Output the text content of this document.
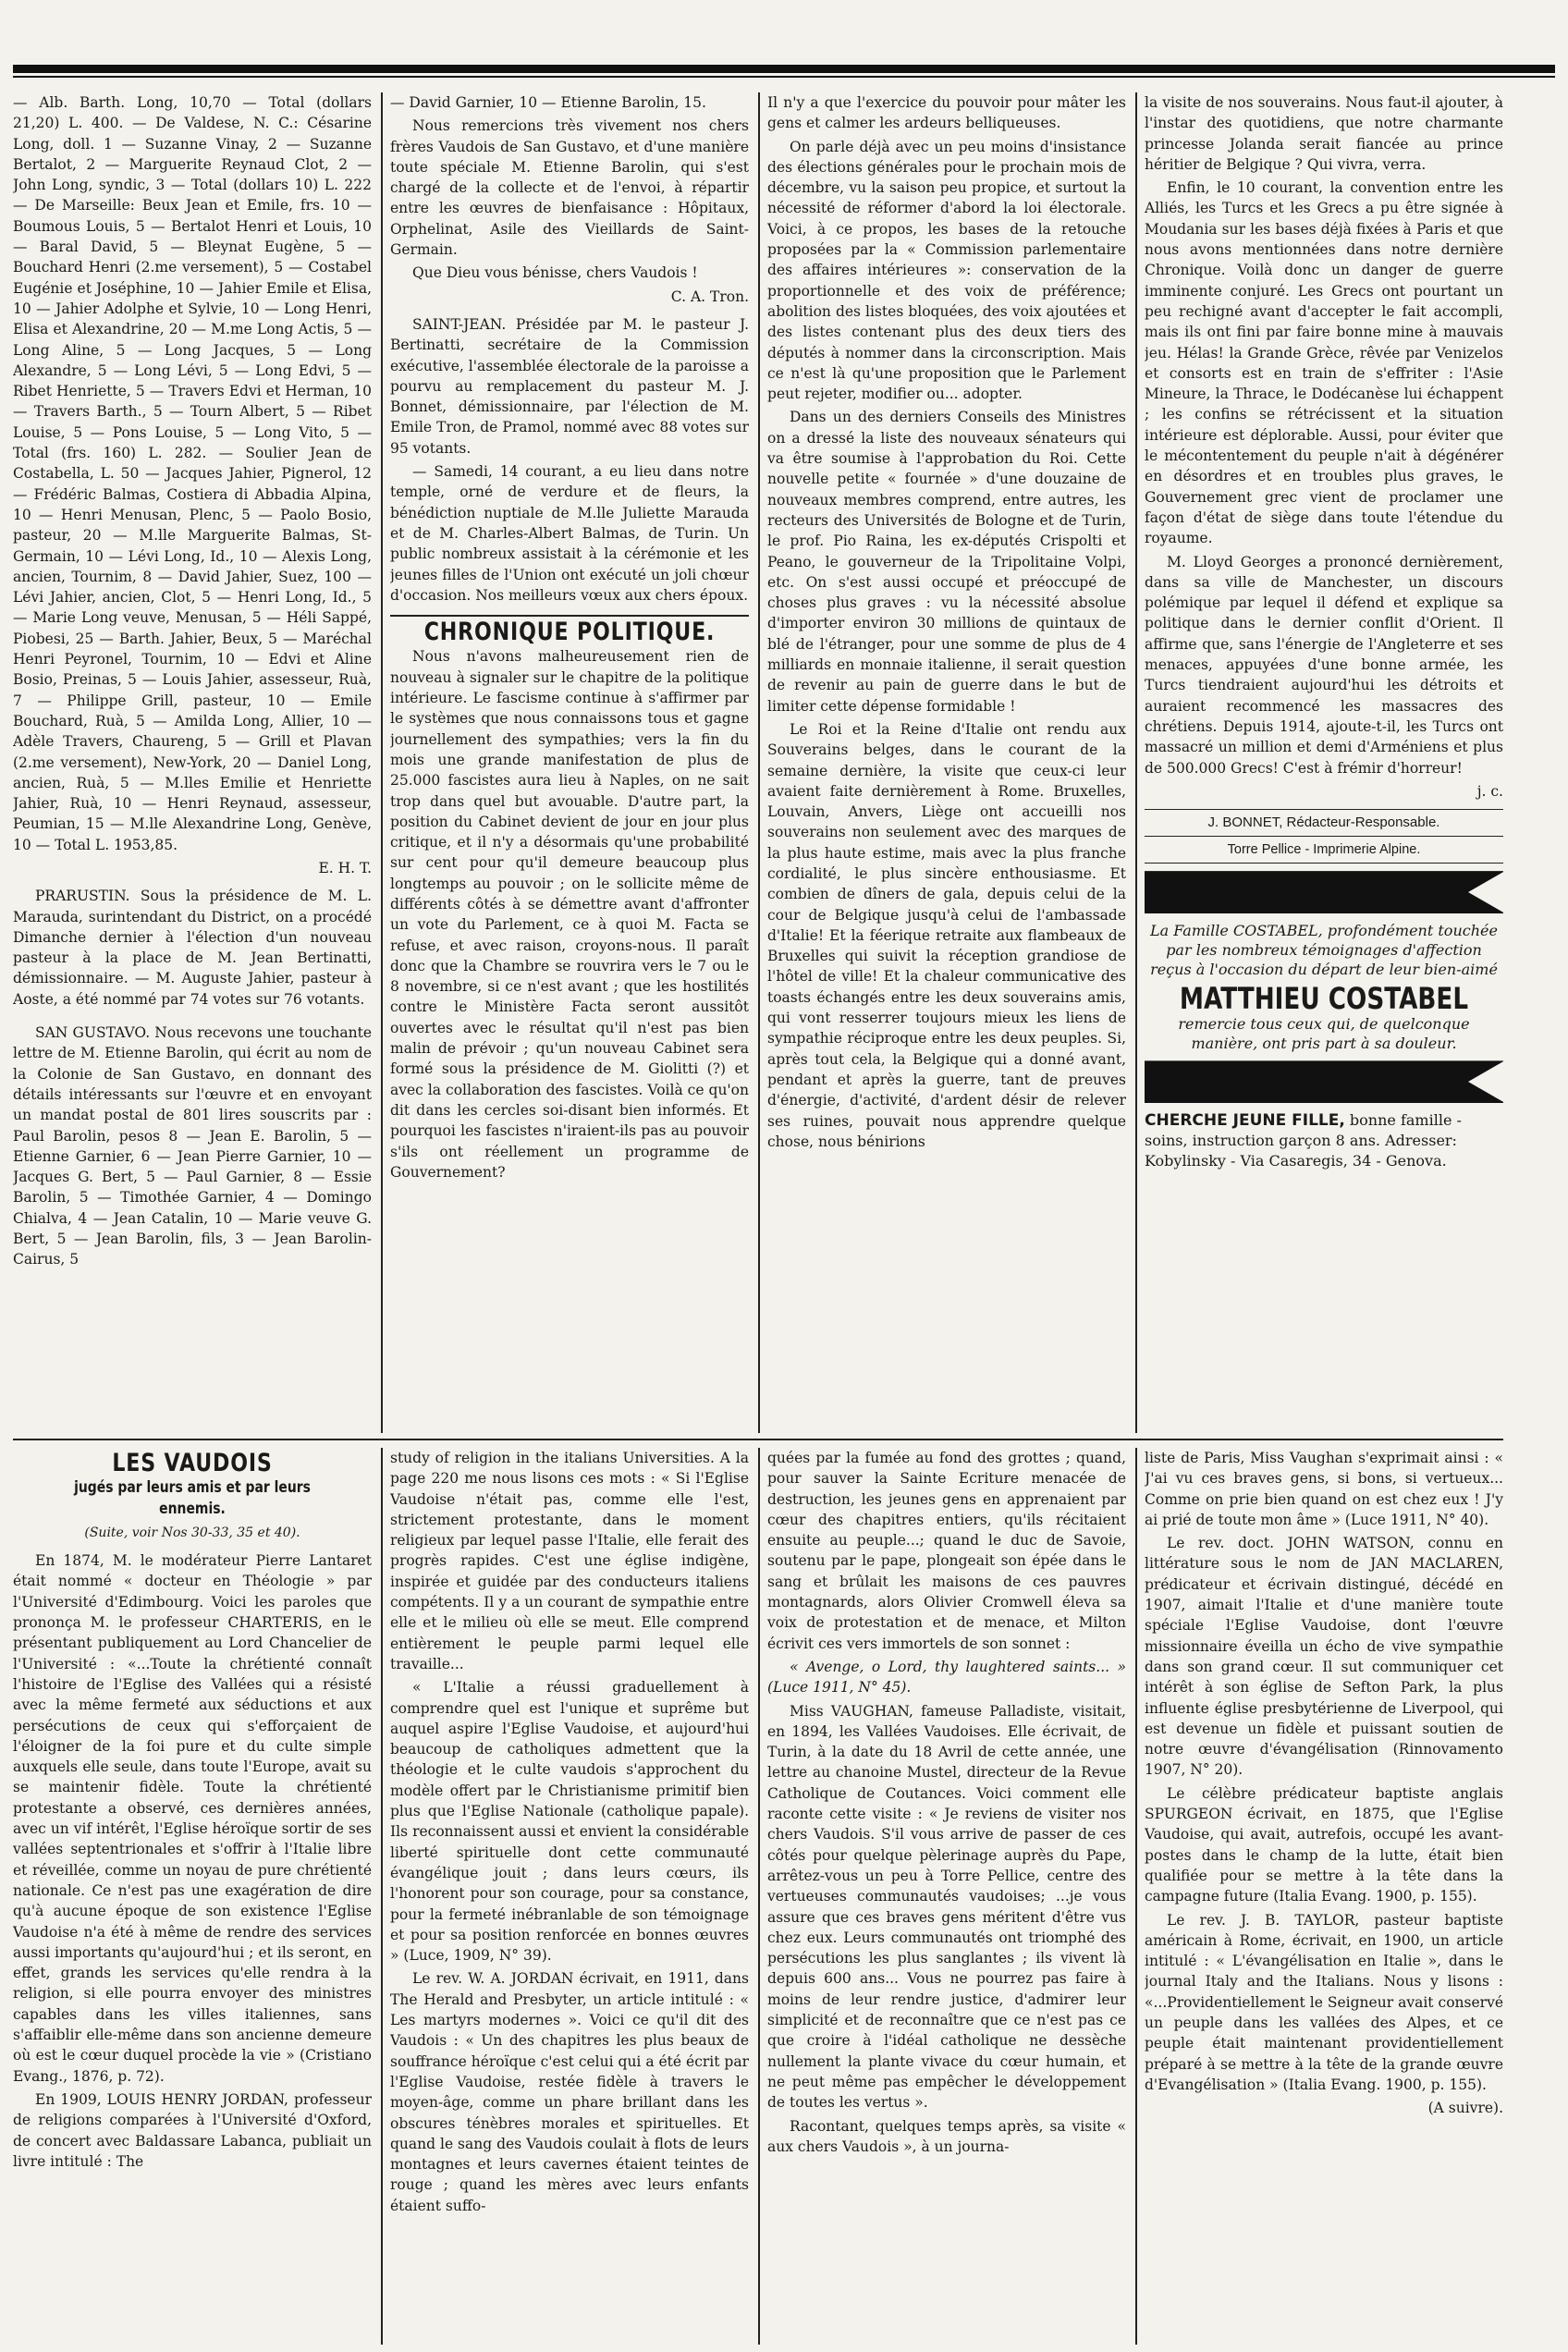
— Alb. Barth. Long, 10,70 — Total (dollars 21,20) L. 400. — De Valdese, N. C.: Césarine Long, doll. 1 — Suzanne Vinay, 2 — Suzanne Bertalot, 2 — Marguerite Reynaud Clot, 2 — John Long, syndic, 3 — Total (dollars 10) L. 222 — De Marseille: Beux Jean et Emile, frs. 10 — Boumous Louis, 5 — Bertalot Henri et Louis, 10 — Baral David, 5 — Bleynat Eugène, 5 — Bouchard Henri (2.me versement), 5 — Costabel Eugénie et Joséphine, 10 — Jahier Emile et Elisa, 10 — Jahier Adolphe et Sylvie, 10 — Long Henri, Elisa et Alexandrine, 20 — M.me Long Actis, 5 — Long Aline, 5 — Long Jacques, 5 — Long Alexandre, 5 — Long Lévi, 5 — Long Edvi, 5 — Ribet Henriette, 5 — Travers Edvi et Herman, 10 — Travers Barth., 5 — Tourn Albert, 5 — Ribet Louise, 5 — Pons Louise, 5 — Long Vito, 5 — Total (frs. 160) L. 282. — Soulier Jean de Costabella, L. 50 — Jacques Jahier, Pignerol, 12 — Frédéric Balmas, Costiera di Abbadia Alpina, 10 — Henri Menusan, Plenc, 5 — Paolo Bosio, pasteur, 20 — M.lle Marguerite Balmas, St-Germain, 10 — Lévi Long, Id., 10 — Alexis Long, ancien, Tournim, 8 — David Jahier, Suez, 100 — Lévi Jahier, ancien, Clot, 5 — Henri Long, Id., 5 — Marie Long veuve, Menusan, 5 — Héli Sappé, Piobesi, 25 — Barth. Jahier, Beux, 5 — Maréchal Henri Peyronel, Tournim, 10 — Edvi et Aline Bosio, Preinas, 5 — Louis Jahier, assesseur, Ruà, 7 — Philippe Grill, pasteur, 10 — Emile Bouchard, Ruà, 5 — Amilda Long, Allier, 10 — Adèle Travers, Chaureng, 5 — Grill et Plavan (2.me versement), New-York, 20 — Daniel Long, ancien, Ruà, 5 — M.lles Emilie et Henriette Jahier, Ruà, 10 — Henri Reynaud, assesseur, Peumian, 15 — M.lle Alexandrine Long, Genève, 10 — Total L. 1953,85.

E. H. T.

PRARUSTIN. Sous la présidence de M. L. Marauda, surintendant du District, on a procédé Dimanche dernier à l'élection d'un nouveau pasteur à la place de M. Jean Bertinatti, démissionnaire. — M. Auguste Jahier, pasteur à Aoste, a été nommé par 74 votes sur 76 votants.

SAN GUSTAVO. Nous recevons une touchante lettre de M. Etienne Barolin, qui écrit au nom de la Colonie de San Gustavo, en donnant des détails intéressants sur l'œuvre et en envoyant un mandat postal de 801 lires souscrits par : Paul Barolin, pesos 8 — Jean E. Barolin, 5 — Etienne Garnier, 6 — Jean Pierre Garnier, 10 — Jacques G. Bert, 5 — Paul Garnier, 8 — Essie Barolin, 5 — Timothée Garnier, 4 — Domingo Chialva, 4 — Jean Catalin, 10 — Marie veuve G. Bert, 5 — Jean Barolin, fils, 3 — Jean Barolin-Cairus, 5

— David Garnier, 10 — Etienne Barolin, 15.

Nous remercions très vivement nos chers frères Vaudois de San Gustavo, et d'une manière toute spéciale M. Etienne Barolin, qui s'est chargé de la collecte et de l'envoi, à répartir entre les œuvres de bienfaisance : Hôpitaux, Orphelinat, Asile des Vieillards de Saint-Germain.

Que Dieu vous bénisse, chers Vaudois !

C. A. Tron.

SAINT-JEAN. Présidée par M. le pasteur J. Bertinatti, secrétaire de la Commission exécutive, l'assemblée électorale de la paroisse a pourvu au remplacement du pasteur M. J. Bonnet, démissionnaire, par l'élection de M. Emile Tron, de Pramol, nommé avec 88 votes sur 95 votants.

— Samedi, 14 courant, a eu lieu dans notre temple, orné de verdure et de fleurs, la bénédiction nuptiale de M.lle Juliette Marauda et de M. Charles-Albert Balmas, de Turin. Un public nombreux assistait à la cérémonie et les jeunes filles de l'Union ont exécuté un joli chœur d'occasion. Nos meilleurs vœux aux chers époux.

CHRONIQUE POLITIQUE.

Nous n'avons malheureusement rien de nouveau à signaler sur le chapitre de la politique intérieure. Le fascisme continue à s'affirmer par le systèmes que nous connaissons tous et gagne journellement des sympathies; vers la fin du mois une grande manifestation de plus de 25.000 fascistes aura lieu à Naples, on ne sait trop dans quel but avouable. D'autre part, la position du Cabinet devient de jour en jour plus critique, et il n'y a désormais qu'une probabilité sur cent pour qu'il demeure beaucoup plus longtemps au pouvoir ; on le sollicite même de différents côtés à se démettre avant d'affronter un vote du Parlement, ce à quoi M. Facta se refuse, et avec raison, croyons-nous. Il paraît donc que la Chambre se rouvrira vers le 7 ou le 8 novembre, si ce n'est avant ; que les hostilités contre le Ministère Facta seront aussitôt ouvertes avec le résultat qu'il n'est pas bien malin de prévoir ; qu'un nouveau Cabinet sera formé sous la présidence de M. Giolitti (?) et avec la collaboration des fascistes. Voilà ce qu'on dit dans les cercles soi-disant bien informés. Et pourquoi les fascistes n'iraient-ils pas au pouvoir s'ils ont réellement un programme de Gouvernement?

Il n'y a que l'exercice du pouvoir pour mâter les gens et calmer les ardeurs belliqueuses.

On parle déjà avec un peu moins d'insistance des élections générales pour le prochain mois de décembre, vu la saison peu propice, et surtout la nécessité de réformer d'abord la loi électorale. Voici, à ce propos, les bases de la retouche proposées par la « Commission parlementaire des affaires intérieures »: conservation de la proportionnelle et des voix de préférence; abolition des listes bloquées, des voix ajoutées et des listes contenant plus des deux tiers des députés à nommer dans la circonscription. Mais ce n'est là qu'une proposition que le Parlement peut rejeter, modifier ou... adopter.

Dans un des derniers Conseils des Ministres on a dressé la liste des nouveaux sénateurs qui va être soumise à l'approbation du Roi. Cette nouvelle petite « fournée » d'une douzaine de nouveaux membres comprend, entre autres, les recteurs des Universités de Bologne et de Turin, le prof. Pio Raina, les ex-députés Crispolti et Peano, le gouverneur de la Tripolitaine Volpi, etc. On s'est aussi occupé et préoccupé de choses plus graves : vu la nécessité absolue d'importer environ 30 millions de quintaux de blé de l'étranger, pour une somme de plus de 4 milliards en monnaie italienne, il serait question de revenir au pain de guerre dans le but de limiter cette dépense formidable !

Le Roi et la Reine d'Italie ont rendu aux Souverains belges, dans le courant de la semaine dernière, la visite que ceux-ci leur avaient faite dernièrement à Rome. Bruxelles, Louvain, Anvers, Liège ont accueilli nos souverains non seulement avec des marques de la plus haute estime, mais avec la plus franche cordialité, le plus sincère enthousiasme. Et combien de dîners de gala, depuis celui de la cour de Belgique jusqu'à celui de l'ambassade d'Italie! Et la féerique retraite aux flambeaux de Bruxelles qui suivit la réception grandiose de l'hôtel de ville! Et la chaleur communicative des toasts échangés entre les deux souverains amis, qui vont resserrer toujours mieux les liens de sympathie réciproque entre les deux peuples. Si, après tout cela, la Belgique qui a donné avant, pendant et après la guerre, tant de preuves d'énergie, d'activité, d'ardent désir de relever ses ruines, pouvait nous apprendre quelque chose, nous bénirions

la visite de nos souverains. Nous faut-il ajouter, à l'instar des quotidiens, que notre charmante princesse Jolanda serait fiancée au prince héritier de Belgique ? Qui vivra, verra.

Enfin, le 10 courant, la convention entre les Alliés, les Turcs et les Grecs a pu être signée à Moudania sur les bases déjà fixées à Paris et que nous avons mentionnées dans notre dernière Chronique. Voilà donc un danger de guerre imminente conjuré. Les Grecs ont pourtant un peu rechigné avant d'accepter le fait accompli, mais ils ont fini par faire bonne mine à mauvais jeu. Hélas! la Grande Grèce, rêvée par Venizelos et consorts est en train de s'effriter : l'Asie Mineure, la Thrace, le Dodécanèse lui échappent ; les confins se rétrécissent et la situation intérieure est déplorable. Aussi, pour éviter que le mécontentement du peuple n'ait à dégénérer en désordres et en troubles plus graves, le Gouvernement grec vient de proclamer une façon d'état de siège dans toute l'étendue du royaume.

M. Lloyd Georges a prononcé dernièrement, dans sa ville de Manchester, un discours polémique par lequel il défend et explique sa politique dans le dernier conflit d'Orient. Il affirme que, sans l'énergie de l'Angleterre et ses menaces, appuyées d'une bonne armée, les Turcs tiendraient aujourd'hui les détroits et auraient recommencé les massacres des chrétiens. Depuis 1914, ajoute-t-il, les Turcs ont massacré un million et demi d'Arméniens et plus de 500.000 Grecs! C'est à frémir d'horreur!

j. c.

J. BONNET, Rédacteur-Responsable.
Torre Pellice - Imprimerie Alpine.
La Famille COSTABEL, profondément touchée par les nombreux témoignages d'affection reçus à l'occasion du départ de leur bien-aimé
MATTHIEU COSTABEL
remercie tous ceux qui, de quelconque manière, ont pris part à sa douleur.
CHERCHE JEUNE FILLE, bonne famille - soins, instruction garçon 8 ans. Adresser: Kobylinsky - Via Casaregis, 34 - Genova.
LES VAUDOIS
jugés par leurs amis et par leurs ennemis.
(Suite, voir Nos 30-33, 35 et 40).

En 1874, M. le modérateur Pierre Lantaret était nommé « docteur en Théologie » par l'Université d'Edimbourg. Voici les paroles que prononça M. le professeur CHARTERIS, en le présentant publiquement au Lord Chancelier de l'Université : «...Toute la chrétienté connaît l'histoire de l'Eglise des Vallées qui a résisté avec la même fermeté aux séductions et aux persécutions de ceux qui s'efforçaient de l'éloigner de la foi pure et du culte simple auxquels elle seule, dans toute l'Europe, avait su se maintenir fidèle. Toute la chrétienté protestante a observé, ces dernières années, avec un vif intérêt, l'Eglise héroïque sortir de ses vallées septentrionales et s'offrir à l'Italie libre et réveillée, comme un noyau de pure chrétienté nationale. Ce n'est pas une exagération de dire qu'à aucune époque de son existence l'Eglise Vaudoise n'a été à même de rendre des services aussi importants qu'aujourd'hui ; et ils seront, en effet, grands les services qu'elle rendra à la religion, si elle pourra envoyer des ministres capables dans les villes italiennes, sans s'affaiblir elle-même dans son ancienne demeure où est le cœur duquel procède la vie » (Cristiano Evang., 1876, p. 72).

En 1909, LOUIS HENRY JORDAN, professeur de religions comparées à l'Université d'Oxford, de concert avec Baldassare Labanca, publiait un livre intitulé : The

study of religion in the italians Universities. A la page 220 me nous lisons ces mots : « Si l'Eglise Vaudoise n'était pas, comme elle l'est, strictement protestante, dans le moment religieux par lequel passe l'Italie, elle ferait des progrès rapides. C'est une église indigène, inspirée et guidée par des conducteurs italiens compétents. Il y a un courant de sympathie entre elle et le milieu où elle se meut. Elle comprend entièrement le peuple parmi lequel elle travaille...

« L'Italie a réussi graduellement à comprendre quel est l'unique et suprême but auquel aspire l'Eglise Vaudoise, et aujourd'hui beaucoup de catholiques admettent que la théologie et le culte vaudois s'approchent du modèle offert par le Christianisme primitif bien plus que l'Eglise Nationale (catholique papale). Ils reconnaissent aussi et envient la considérable liberté spirituelle dont cette communauté évangélique jouit ; dans leurs cœurs, ils l'honorent pour son courage, pour sa constance, pour la fermeté inébranlable de son témoignage et pour sa position renforcée en bonnes œuvres » (Luce, 1909, N° 39).

Le rev. W. A. JORDAN écrivait, en 1911, dans The Herald and Presbyter, un article intitulé : « Les martyrs modernes ». Voici ce qu'il dit des Vaudois : « Un des chapitres les plus beaux de souffrance héroïque c'est celui qui a été écrit par l'Eglise Vaudoise, restée fidèle à travers le moyen-âge, comme un phare brillant dans les obscures ténèbres morales et spirituelles. Et quand le sang des Vaudois coulait à flots de leurs montagnes et leurs cavernes étaient teintes de rouge ; quand les mères avec leurs enfants étaient suffo-

quées par la fumée au fond des grottes ; quand, pour sauver la Sainte Ecriture menacée de destruction, les jeunes gens en apprenaient par cœur des chapitres entiers, qu'ils récitaient ensuite au peuple...; quand le duc de Savoie, soutenu par le pape, plongeait son épée dans le sang et brûlait les maisons de ces pauvres montagnards, alors Olivier Cromwell éleva sa voix de protestation et de menace, et Milton écrivit ces vers immortels de son sonnet :

« Avenge, o Lord, thy laughtered saints... » (Luce 1911, N° 45).

Miss VAUGHAN, fameuse Palladiste, visitait, en 1894, les Vallées Vaudoises. Elle écrivait, de Turin, à la date du 18 Avril de cette année, une lettre au chanoine Mustel, directeur de la Revue Catholique de Coutances. Voici comment elle raconte cette visite : « Je reviens de visiter nos chers Vaudois. S'il vous arrive de passer de ces côtés pour quelque pèlerinage auprès du Pape, arrêtez-vous un peu à Torre Pellice, centre des vertueuses communautés vaudoises; ...je vous assure que ces braves gens méritent d'être vus chez eux. Leurs communautés ont triomphé des persécutions les plus sanglantes ; ils vivent là depuis 600 ans... Vous ne pourrez pas faire à moins de leur rendre justice, d'admirer leur simplicité et de reconnaître que ce n'est pas ce que croire à l'idéal catholique ne dessèche nullement la plante vivace du cœur humain, et ne peut même pas empêcher le développement de toutes les vertus ».

Racontant, quelques temps après, sa visite « aux chers Vaudois », à un journa-

liste de Paris, Miss Vaughan s'exprimait ainsi : « J'ai vu ces braves gens, si bons, si vertueux... Comme on prie bien quand on est chez eux ! J'y ai prié de toute mon âme » (Luce 1911, N° 40).

Le rev. doct. JOHN WATSON, connu en littérature sous le nom de JAN MACLAREN, prédicateur et écrivain distingué, décédé en 1907, aimait l'Italie et d'une manière toute spéciale l'Eglise Vaudoise, dont l'œuvre missionnaire éveilla un écho de vive sympathie dans son grand cœur. Il sut communiquer cet intérêt à son église de Sefton Park, la plus influente église presbytérienne de Liverpool, qui est devenue un fidèle et puissant soutien de notre œuvre d'évangélisation (Rinnovamento 1907, N° 20).

Le célèbre prédicateur baptiste anglais SPURGEON écrivait, en 1875, que l'Eglise Vaudoise, qui avait, autrefois, occupé les avant-postes dans le champ de la lutte, était bien qualifiée pour se mettre à la tête dans la campagne future (Italia Evang. 1900, p. 155).

Le rev. J. B. TAYLOR, pasteur baptiste américain à Rome, écrivait, en 1900, un article intitulé : « L'évangélisation en Italie », dans le journal Italy and the Italians. Nous y lisons : «...Providentiellement le Seigneur avait conservé un peuple dans les vallées des Alpes, et ce peuple était maintenant providentiellement préparé à se mettre à la tête de la grande œuvre d'Evangélisation » (Italia Evang. 1900, p. 155).

(A suivre).
